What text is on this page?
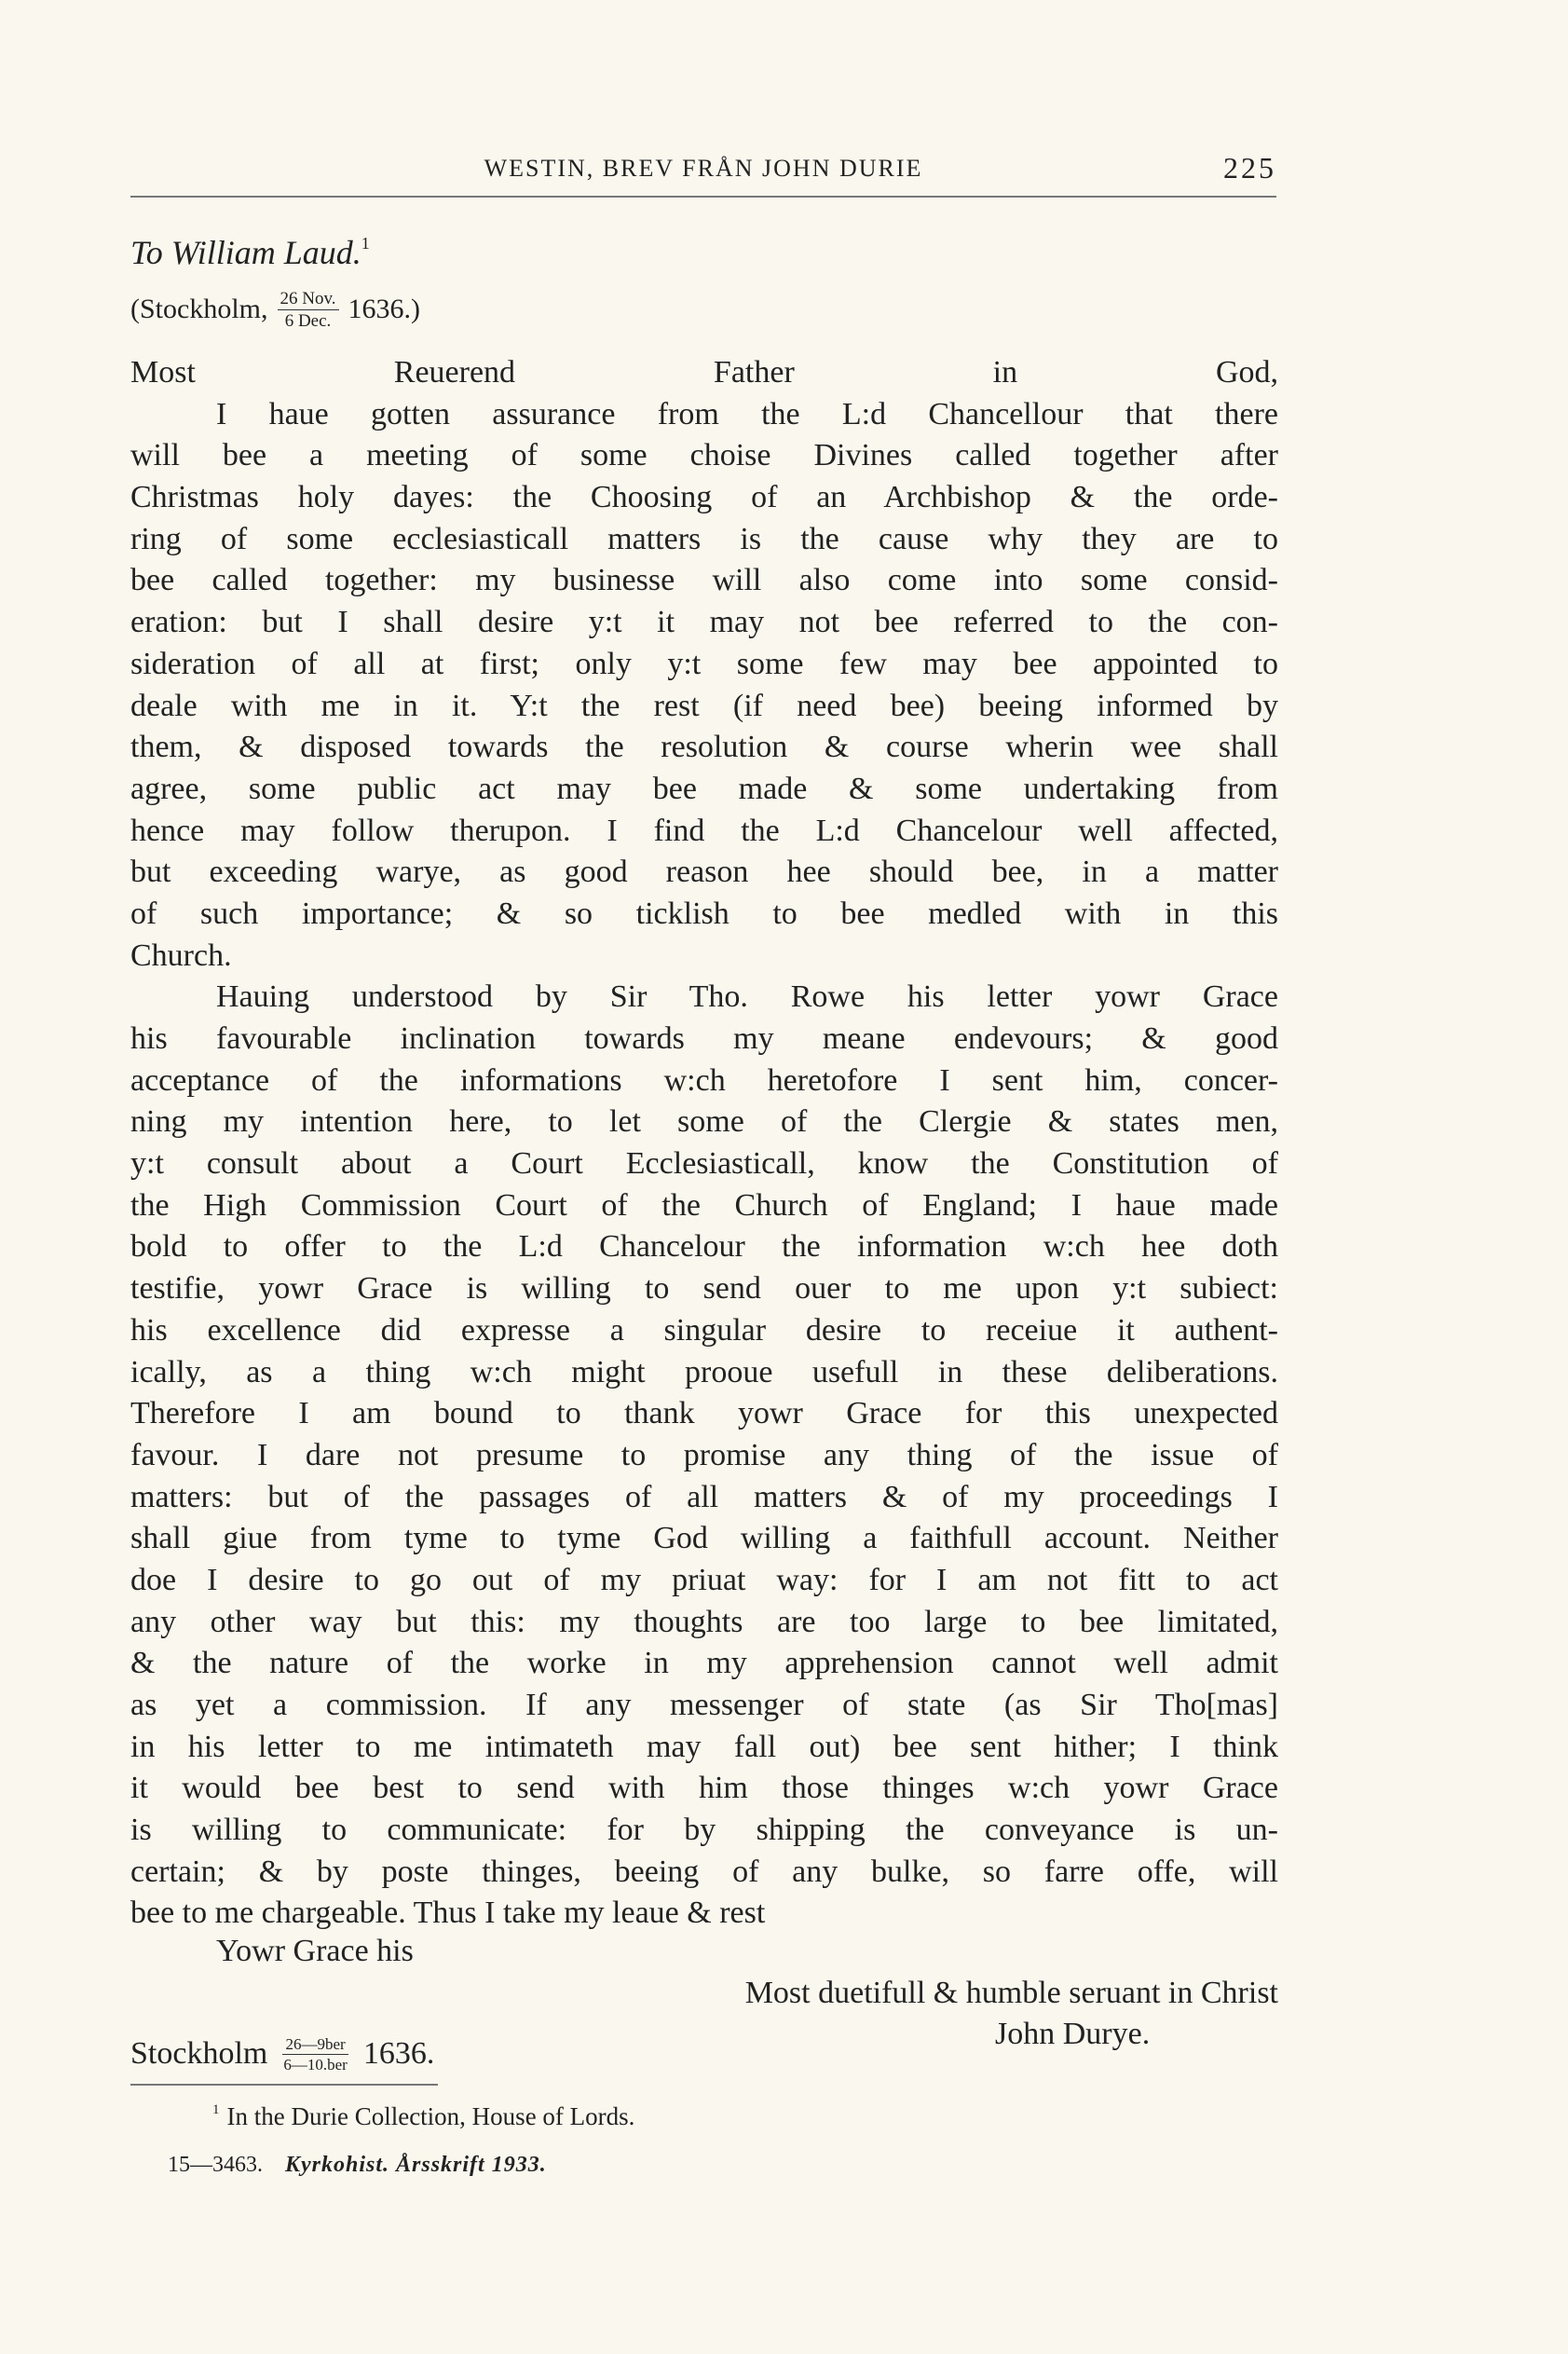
WESTIN, BREV FRÅN JOHN DURIE	225
To William Laud.$^1$
(Stockholm, $\frac{\text{26 Nov.}}{\text{6 Dec.}} 1636$.)
Most Reuerend Father in God,
I haue gotten assurance from the L:d Chancellour that there
will bee a meeting of some choise Divines called together after
Christmas holy dayes: the Choosing of an Archbishop & the orde-
ring of some ecclesiasticall matters is the cause why they are to
bee called together: my businesse will also come into some consid-
eration: but I shall desire y:t it may not bee referred to the con-
sideration of all at first; only y:t some few may bee appointed to
deale with me in it. Y:t the rest (if need bee) beeing informed by
them, & disposed towards the resolution & course wherin wee shall
agree, some public act may bee made & some undertaking from
hence may follow therupon. I find the L:d Chancelour well affected,
but exceeding warye, as good reason hee should bee, in a matter
of such importance; & so ticklish to bee medled with in this
Church.
Hauing understood by Sir Tho. Rowe his letter yowr Grace
his favourable inclination towards my meane endevours; & good
acceptance of the informations w:ch heretofore I sent him, concer-
ning my intention here, to let some of the Clergie & states men,
y:t consult about a Court Ecclesiasticall, know the Constitution of
the High Commission Court of the Church of England; I haue made
bold to offer to the L:d Chancelour the information w:ch hee doth
testifie, yowr Grace is willing to send ouer to me upon y:t subiect:
his excellence did expresse a singular desire to receiue it authent-
ically, as a thing w:ch might prooue usefull in these deliberations.
Therefore I am bound to thank yowr Grace for this unexpected
favour. I dare not presume to promise any thing of the issue of
matters: but of the passages of all matters & of my proceedings I
shall giue from tyme to tyme God willing a faithfull account. Neither
doe I desire to go out of my priuat way: for I am not fitt to act
any other way but this: my thoughts are too large to bee limitated,
& the nature of the worke in my apprehension cannot well admit
as yet a commission. If any messenger of state (as Sir Tho[mas]
in his letter to me intimateth may fall out) bee sent hither; I think
it would bee best to send with him those thinges w:ch yowr Grace
is willing to communicate: for by shipping the conveyance is un-
certain; & by poste thinges, beeing of any bulke, so farre offe, will
bee to me chargeable. Thus I take my leaue & rest
Yowr Grace his
Most duetifull & humble seruant in Christ
John Durye.
Stockholm $\frac{\text{26—9ber}}{\text{6—10.ber}} 1636$.
$^1$ In the Durie Collection, House of Lords.
15—3463. Kyrkohist. Årsskrift 1933.
